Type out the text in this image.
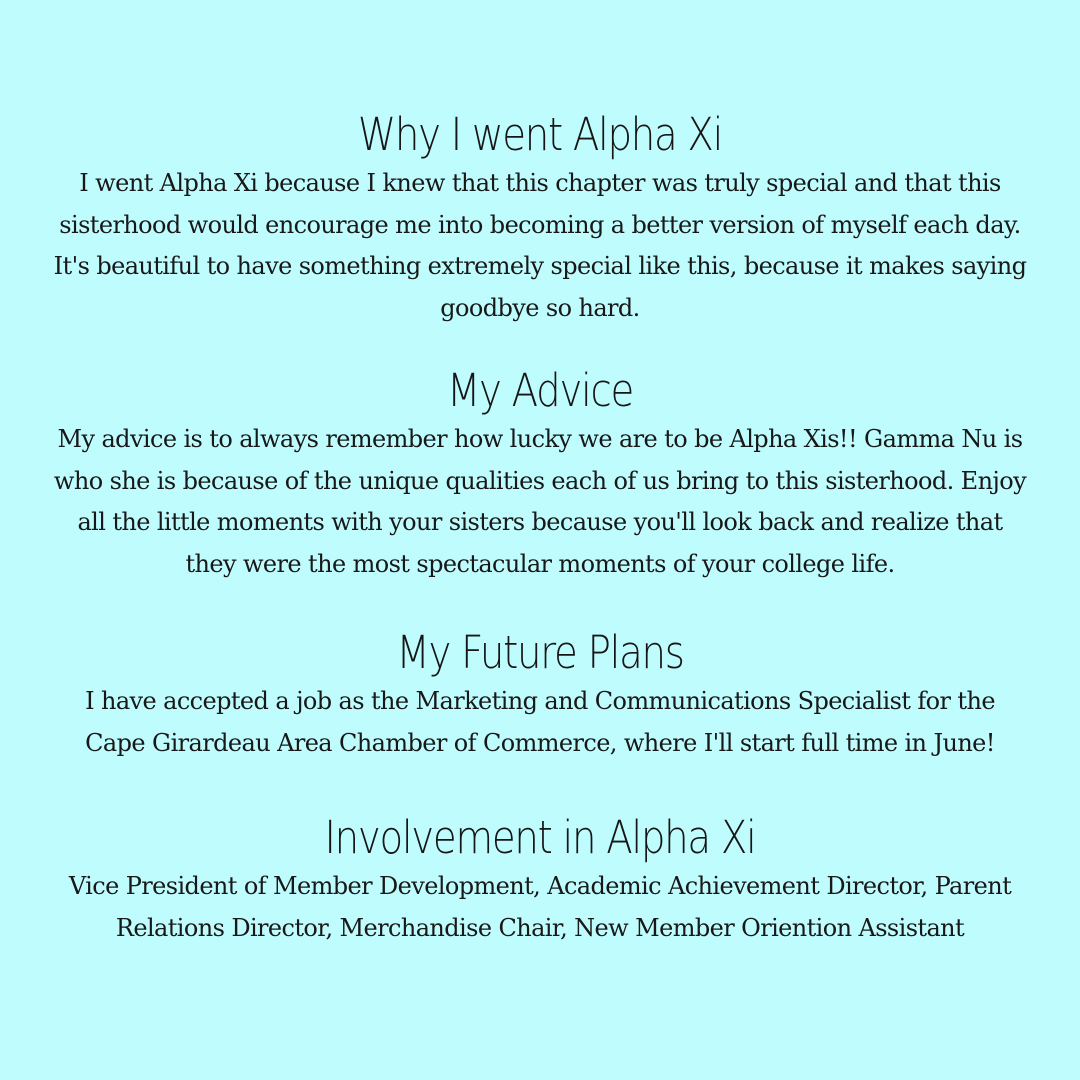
Why I went Alpha Xi

I went Alpha Xi because I knew that this chapter was truly special and that this
sisterhood would encourage me into becoming a better version of myself each day.
It's beautiful to have something extremely special like this, because it makes saying
goodbye so hard.

My Advice

My advice is to always remember how lucky we are to be Alpha Xis!! Gamma Nu is
who she is because of the unique qualities each of us bring to this sisterhood. Enjoy
all the little moments with your sisters because you'll look back and realize that
they were the most spectacular moments of your college life.

My Future Plans

I have accepted a job as the Marketing and Communications Specialist for the
Cape Girardeau Area Chamber of Commerce, where I'll start full time in June!

Involvement in Alpha Xi

Vice President of Member Development, Academic Achievement Director, Parent
Relations Director, Merchandise Chair, New Member Oriention Assistant
